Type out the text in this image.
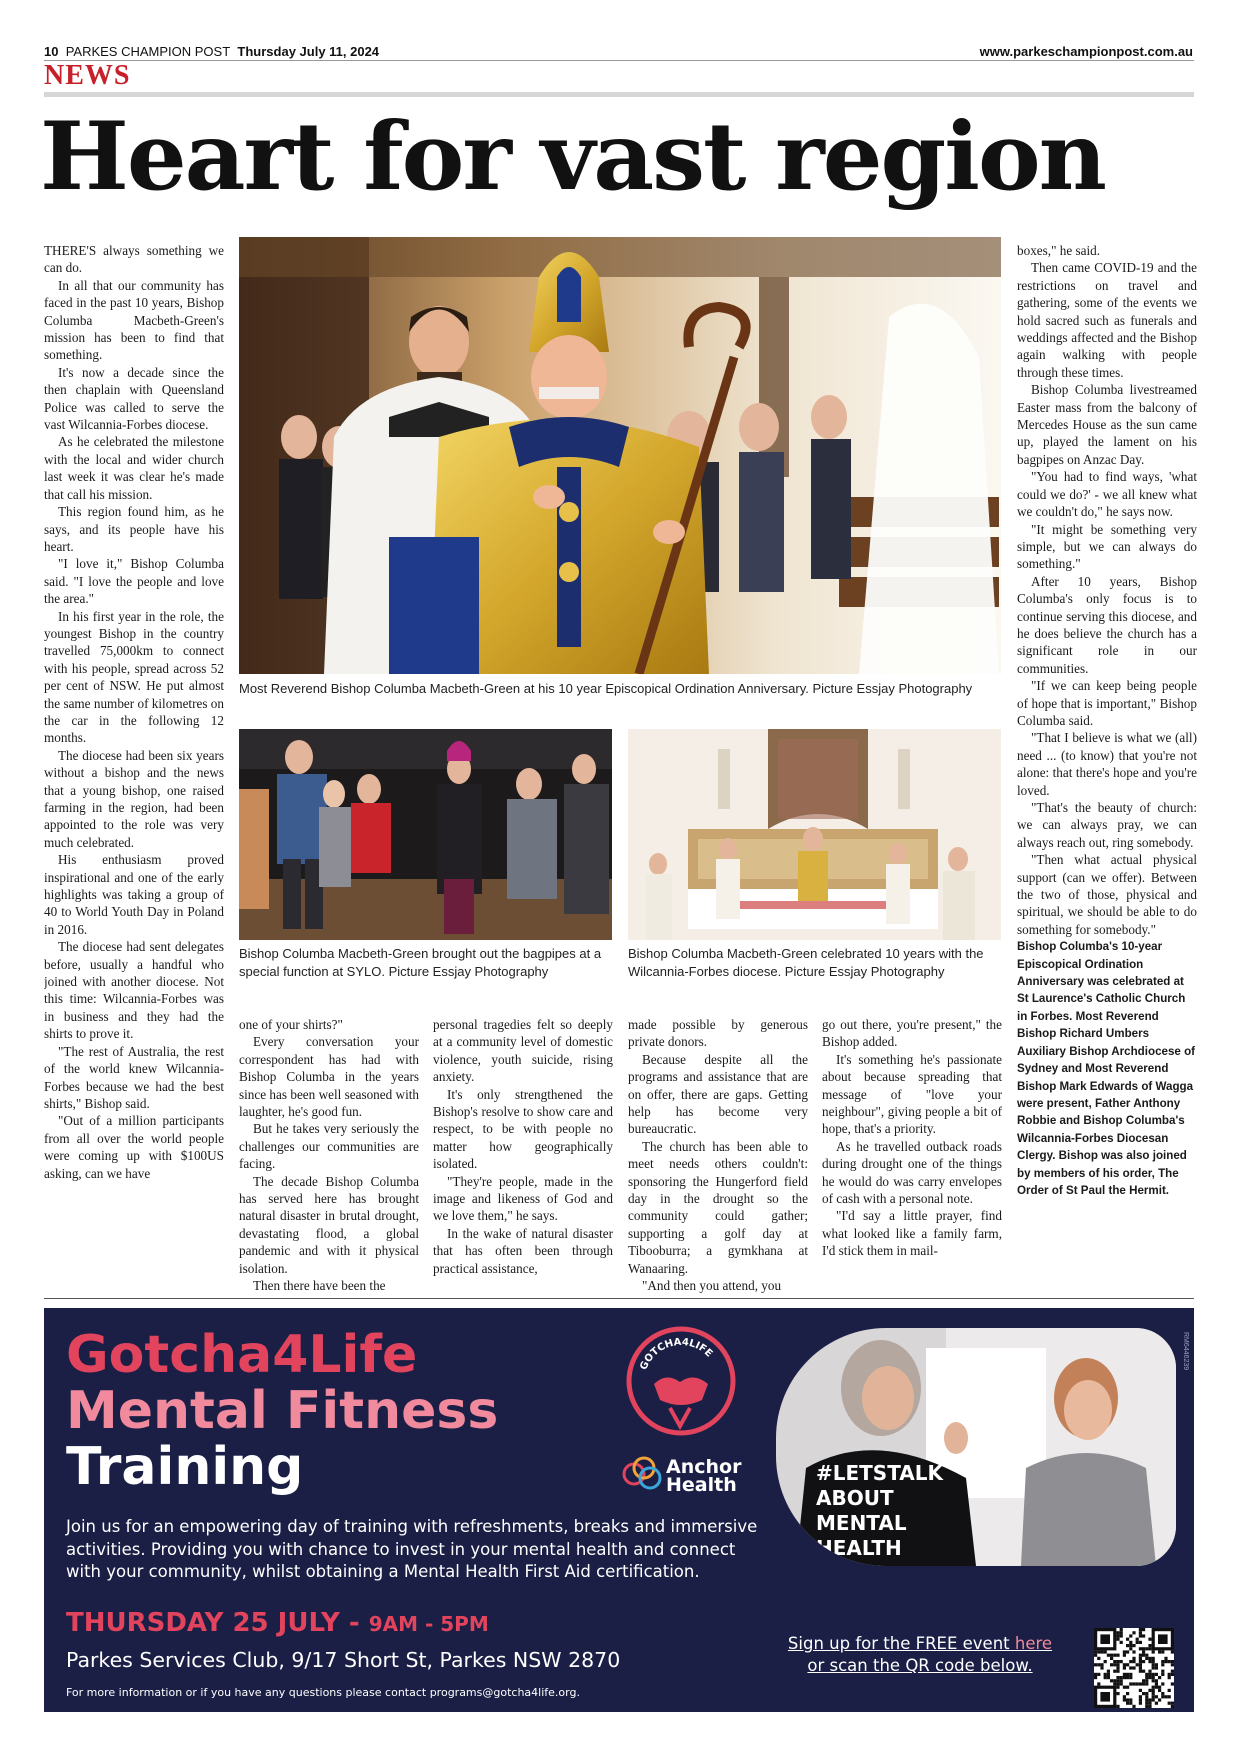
10 PARKES CHAMPION POST Thursday July 11, 2024	www.parkeschampionpost.com.au
NEWS
Heart for vast region

THERE'S always something we can do.

In all that our community has faced in the past 10 years, Bishop Columba Macbeth-Green's mission has been to find that something.

It's now a decade since the then chaplain with Queensland Police was called to serve the vast Wilcannia-Forbes diocese.

As he celebrated the milestone with the local and wider church last week it was clear he's made that call his mission.

This region found him, as he says, and its people have his heart.

"I love it," Bishop Columba said. "I love the people and love the area."

In his first year in the role, the youngest Bishop in the country travelled 75,000km to connect with his people, spread across 52 per cent of NSW. He put almost the same number of kilometres on the car in the following 12 months.

The diocese had been six years without a bishop and the news that a young bishop, one raised farming in the region, had been appointed to the role was very much celebrated.

His enthusiasm proved inspirational and one of the early highlights was taking a group of 40 to World Youth Day in Poland in 2016.

The diocese had sent delegates before, usually a handful who joined with another diocese. Not this time: Wilcannia-Forbes was in business and they had the shirts to prove it.

"The rest of Australia, the rest of the world knew Wilcannia-Forbes because we had the best shirts," Bishop said.

"Out of a million participants from all over the world people were coming up with $100US asking, can we have

Most Reverend Bishop Columba Macbeth-Green at his 10 year Episcopical Ordination Anniversary. Picture Essjay Photography
Bishop Columba Macbeth-Green brought out the bagpipes at a special function at SYLO. Picture Essjay Photography
Bishop Columba Macbeth-Green celebrated 10 years with the Wilcannia-Forbes diocese. Picture Essjay Photography

one of your shirts?"

Every conversation your correspondent has had with Bishop Columba in the years since has been well seasoned with laughter, he's good fun.

But he takes very seriously the challenges our communities are facing.

The decade Bishop Columba has served here has brought natural disaster in brutal drought, devastating flood, a global pandemic and with it physical isolation.

Then there have been the

personal tragedies felt so deeply at a community level of domestic violence, youth suicide, rising anxiety.

It's only strengthened the Bishop's resolve to show care and respect, to be with people no matter how geographically isolated.

"They're people, made in the image and likeness of God and we love them," he says.

In the wake of natural disaster that has often been through practical assistance,

made possible by generous private donors.

Because despite all the programs and assistance that are on offer, there are gaps. Getting help has become very bureaucratic.

The church has been able to meet needs others couldn't: sponsoring the Hungerford field day in the drought so the community could gather; supporting a golf day at Tibooburra; a gymkhana at Wanaaring.

"And then you attend, you

go out there, you're present," the Bishop added.

It's something he's passionate about because spreading that message of "love your neighbour", giving people a bit of hope, that's a priority.

As he travelled outback roads during drought one of the things he would do was carry envelopes of cash with a personal note.

"I'd say a little prayer, find what looked like a family farm, I'd stick them in mail-

boxes," he said.

Then came COVID-19 and the restrictions on travel and gathering, some of the events we hold sacred such as funerals and weddings affected and the Bishop again walking with people through these times.

Bishop Columba livestreamed Easter mass from the balcony of Mercedes House as the sun came up, played the lament on his bagpipes on Anzac Day.

"You had to find ways, 'what could we do?' - we all knew what we couldn't do," he says now.

"It might be something very simple, but we can always do something."

After 10 years, Bishop Columba's only focus is to continue serving this diocese, and he does believe the church has a significant role in our communities.

"If we can keep being people of hope that is important," Bishop Columba said.

"That I believe is what we (all) need ... (to know) that you're not alone: that there's hope and you're loved.

"That's the beauty of church: we can always pray, we can always reach out, ring somebody.

"Then what actual physical support (can we offer). Between the two of those, physical and spiritual, we should be able to do something for somebody."

Bishop Columba's 10-year Episcopical Ordination Anniversary was celebrated at St Laurence's Catholic Church in Forbes. Most Reverend Bishop Richard Umbers Auxiliary Bishop Archdiocese of Sydney and Most Reverend Bishop Mark Edwards of Wagga were present, Father Anthony Robbie and Bishop Columba's Wilcannia-Forbes Diocesan Clergy. Bishop was also joined by members of his order, The Order of St Paul the Hermit.

Gotcha4Life
Mental Fitness
Training
GOTCHA4LIFE
Anchor
Health	#LETSTALK ABOUT MENTAL HEALTH
RM6446239
Join us for an empowering day of training with refreshments, breaks and immersive activities. Providing you with chance to invest in your mental health and connect with your community, whilst obtaining a Mental Health First Aid certification.
THURSDAY 25 JULY - 9AM - 5PM
Parkes Services Club, 9/17 Short St, Parkes NSW 2870
For more information or if you have any questions please contact programs@gotcha4life.org.
Sign up for the FREE event here
or scan the QR code below.
